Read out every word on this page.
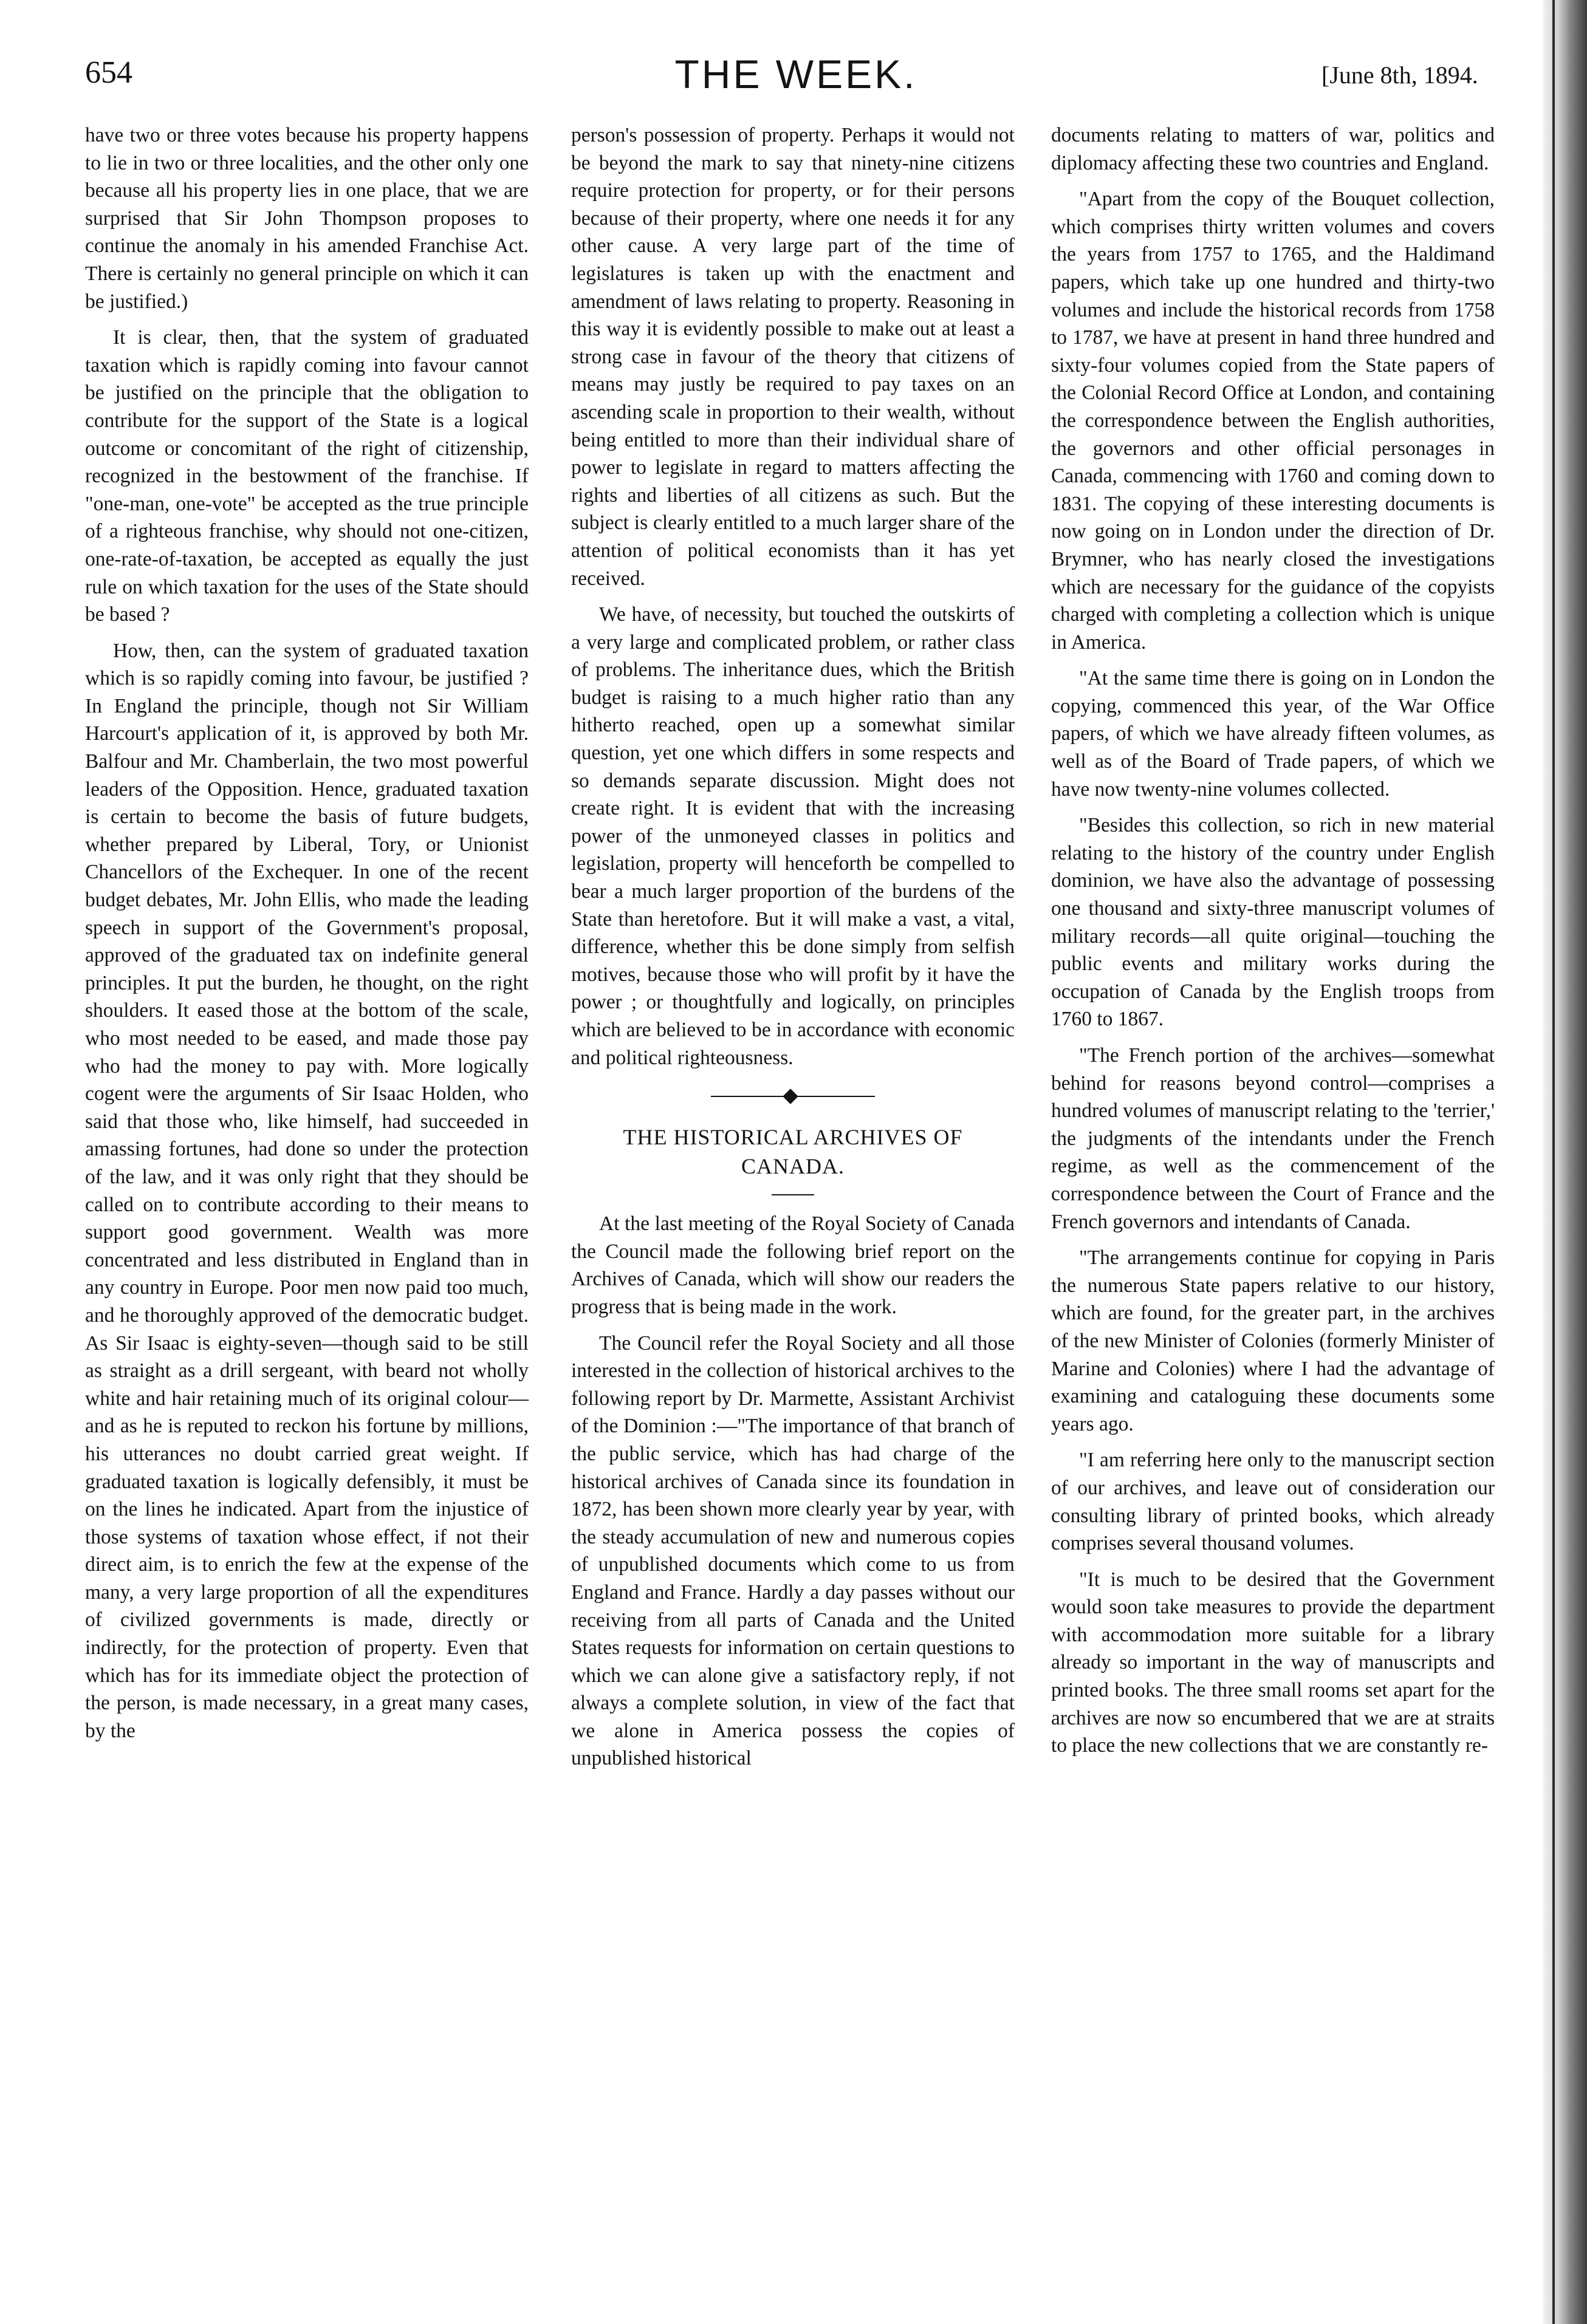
654	THE WEEK.	[June 8th, 1894.

have two or three votes because his property happens to lie in two or three localities, and the other only one because all his property lies in one place, that we are surprised that Sir John Thompson proposes to continue the anomaly in his amended Franchise Act. There is certainly no general principle on which it can be justified.)

It is clear, then, that the system of graduated taxation which is rapidly coming into favour cannot be justified on the principle that the obligation to contribute for the support of the State is a logical outcome or concomitant of the right of citizenship, recognized in the bestowment of the franchise. If "one-man, one-vote" be accepted as the true principle of a righteous franchise, why should not one-citizen, one-rate-of-taxation, be accepted as equally the just rule on which taxation for the uses of the State should be based ?

How, then, can the system of graduated taxation which is so rapidly coming into favour, be justified ? In England the principle, though not Sir William Harcourt's application of it, is approved by both Mr. Balfour and Mr. Chamberlain, the two most powerful leaders of the Opposition. Hence, graduated taxation is certain to become the basis of future budgets, whether prepared by Liberal, Tory, or Unionist Chancellors of the Exchequer. In one of the recent budget debates, Mr. John Ellis, who made the leading speech in support of the Government's proposal, approved of the graduated tax on indefinite general principles. It put the burden, he thought, on the right shoulders. It eased those at the bottom of the scale, who most needed to be eased, and made those pay who had the money to pay with. More logically cogent were the arguments of Sir Isaac Holden, who said that those who, like himself, had succeeded in amassing fortunes, had done so under the protection of the law, and it was only right that they should be called on to contribute according to their means to support good government. Wealth was more concentrated and less distributed in England than in any country in Europe. Poor men now paid too much, and he thoroughly approved of the democratic budget. As Sir Isaac is eighty-seven—though said to be still as straight as a drill sergeant, with beard not wholly white and hair retaining much of its original colour—and as he is reputed to reckon his fortune by millions, his utterances no doubt carried great weight. If graduated taxation is logically defensibly, it must be on the lines he indicated. Apart from the injustice of those systems of taxation whose effect, if not their direct aim, is to enrich the few at the expense of the many, a very large proportion of all the expenditures of civilized governments is made, directly or indirectly, for the protection of property. Even that which has for its immediate object the protection of the person, is made necessary, in a great many cases, by the

person's possession of property. Perhaps it would not be beyond the mark to say that ninety-nine citizens require protection for property, or for their persons because of their property, where one needs it for any other cause. A very large part of the time of legislatures is taken up with the enactment and amendment of laws relating to property. Reasoning in this way it is evidently possible to make out at least a strong case in favour of the theory that citizens of means may justly be required to pay taxes on an ascending scale in proportion to their wealth, without being entitled to more than their individual share of power to legislate in regard to matters affecting the rights and liberties of all citizens as such. But the subject is clearly entitled to a much larger share of the attention of political economists than it has yet received.

We have, of necessity, but touched the outskirts of a very large and complicated problem, or rather class of problems. The inheritance dues, which the British budget is raising to a much higher ratio than any hitherto reached, open up a somewhat similar question, yet one which differs in some respects and so demands separate discussion. Might does not create right. It is evident that with the increasing power of the unmoneyed classes in politics and legislation, property will henceforth be compelled to bear a much larger proportion of the burdens of the State than heretofore. But it will make a vast, a vital, difference, whether this be done simply from selfish motives, because those who will profit by it have the power ; or thoughtfully and logically, on principles which are believed to be in accordance with economic and political righteousness.

THE HISTORICAL ARCHIVES OF CANADA.

At the last meeting of the Royal Society of Canada the Council made the following brief report on the Archives of Canada, which will show our readers the progress that is being made in the work.

The Council refer the Royal Society and all those interested in the collection of historical archives to the following report by Dr. Marmette, Assistant Archivist of the Dominion :—"The importance of that branch of the public service, which has had charge of the historical archives of Canada since its foundation in 1872, has been shown more clearly year by year, with the steady accumulation of new and numerous copies of unpublished documents which come to us from England and France. Hardly a day passes without our receiving from all parts of Canada and the United States requests for information on certain questions to which we can alone give a satisfactory reply, if not always a complete solution, in view of the fact that we alone in America possess the copies of unpublished historical

documents relating to matters of war, politics and diplomacy affecting these two countries and England.

"Apart from the copy of the Bouquet collection, which comprises thirty written volumes and covers the years from 1757 to 1765, and the Haldimand papers, which take up one hundred and thirty-two volumes and include the historical records from 1758 to 1787, we have at present in hand three hundred and sixty-four volumes copied from the State papers of the Colonial Record Office at London, and containing the correspondence between the English authorities, the governors and other official personages in Canada, commencing with 1760 and coming down to 1831. The copying of these interesting documents is now going on in London under the direction of Dr. Brymner, who has nearly closed the investigations which are necessary for the guidance of the copyists charged with completing a collection which is unique in America.

"At the same time there is going on in London the copying, commenced this year, of the War Office papers, of which we have already fifteen volumes, as well as of the Board of Trade papers, of which we have now twenty-nine volumes collected.

"Besides this collection, so rich in new material relating to the history of the country under English dominion, we have also the advantage of possessing one thousand and sixty-three manuscript volumes of military records—all quite original—touching the public events and military works during the occupation of Canada by the English troops from 1760 to 1867.

"The French portion of the archives—somewhat behind for reasons beyond control—comprises a hundred volumes of manuscript relating to the 'terrier,' the judgments of the intendants under the French regime, as well as the commencement of the correspondence between the Court of France and the French governors and intendants of Canada.

"The arrangements continue for copying in Paris the numerous State papers relative to our history, which are found, for the greater part, in the archives of the new Minister of Colonies (formerly Minister of Marine and Colonies) where I had the advantage of examining and cataloguing these documents some years ago.

"I am referring here only to the manuscript section of our archives, and leave out of consideration our consulting library of printed books, which already comprises several thousand volumes.

"It is much to be desired that the Government would soon take measures to provide the department with accommodation more suitable for a library already so important in the way of manuscripts and printed books. The three small rooms set apart for the archives are now so encumbered that we are at straits to place the new collections that we are constantly re-
